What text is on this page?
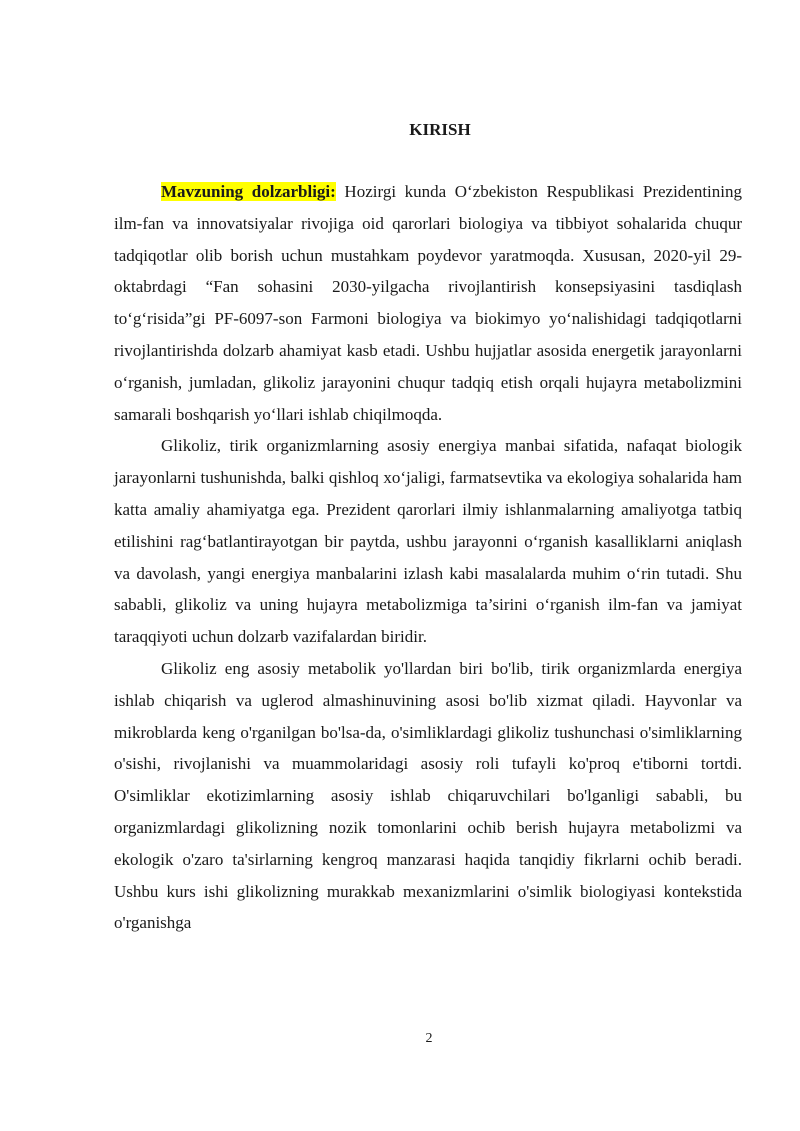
KIRISH

Mavzuning dolzarbligi: Hozirgi kunda O‘zbekiston Respublikasi Prezidentining ilm-fan va innovatsiyalar rivojiga oid qarorlari biologiya va tibbiyot sohalarida chuqur tadqiqotlar olib borish uchun mustahkam poydevor yaratmoqda. Xususan, 2020-yil 29-oktabrdagi “Fan sohasini 2030-yilgacha rivojlantirish konsepsiyasini tasdiqlash to‘g‘risida”gi PF-6097-son Farmoni biologiya va biokimyo yo‘nalishidagi tadqiqotlarni rivojlantirishda dolzarb ahamiyat kasb etadi. Ushbu hujjatlar asosida energetik jarayonlarni o‘rganish, jumladan, glikoliz jarayonini chuqur tadqiq etish orqali hujayra metabolizmini samarali boshqarish yo‘llari ishlab chiqilmoqda.

Glikoliz, tirik organizmlarning asosiy energiya manbai sifatida, nafaqat biologik jarayonlarni tushunishda, balki qishloq xo‘jaligi, farmatsevtika va ekologiya sohalarida ham katta amaliy ahamiyatga ega. Prezident qarorlari ilmiy ishlanmalarning amaliyotga tatbiq etilishini rag‘batlantirayotgan bir paytda, ushbu jarayonni o‘rganish kasalliklarni aniqlash va davolash, yangi energiya manbalarini izlash kabi masalalarda muhim o‘rin tutadi. Shu sababli, glikoliz va uning hujayra metabolizmiga ta’sirini o‘rganish ilm-fan va jamiyat taraqqiyoti uchun dolzarb vazifalardan biridir.

Glikoliz eng asosiy metabolik yo'llardan biri bo'lib, tirik organizmlarda energiya ishlab chiqarish va uglerod almashinuvining asosi bo'lib xizmat qiladi. Hayvonlar va mikroblarda keng o'rganilgan bo'lsa-da, o'simliklardagi glikoliz tushunchasi o'simliklarning o'sishi, rivojlanishi va muammolaridagi asosiy roli tufayli ko'proq e'tiborni tortdi. O'simliklar ekotizimlarning asosiy ishlab chiqaruvchilari bo'lganligi sababli, bu organizmlardagi glikolizning nozik tomonlarini ochib berish hujayra metabolizmi va ekologik o'zaro ta'sirlarning kengroq manzarasi haqida tanqidiy fikrlarni ochib beradi. Ushbu kurs ishi glikolizning murakkab mexanizmlarini o'simlik biologiyasi kontekstida o'rganishga

2
